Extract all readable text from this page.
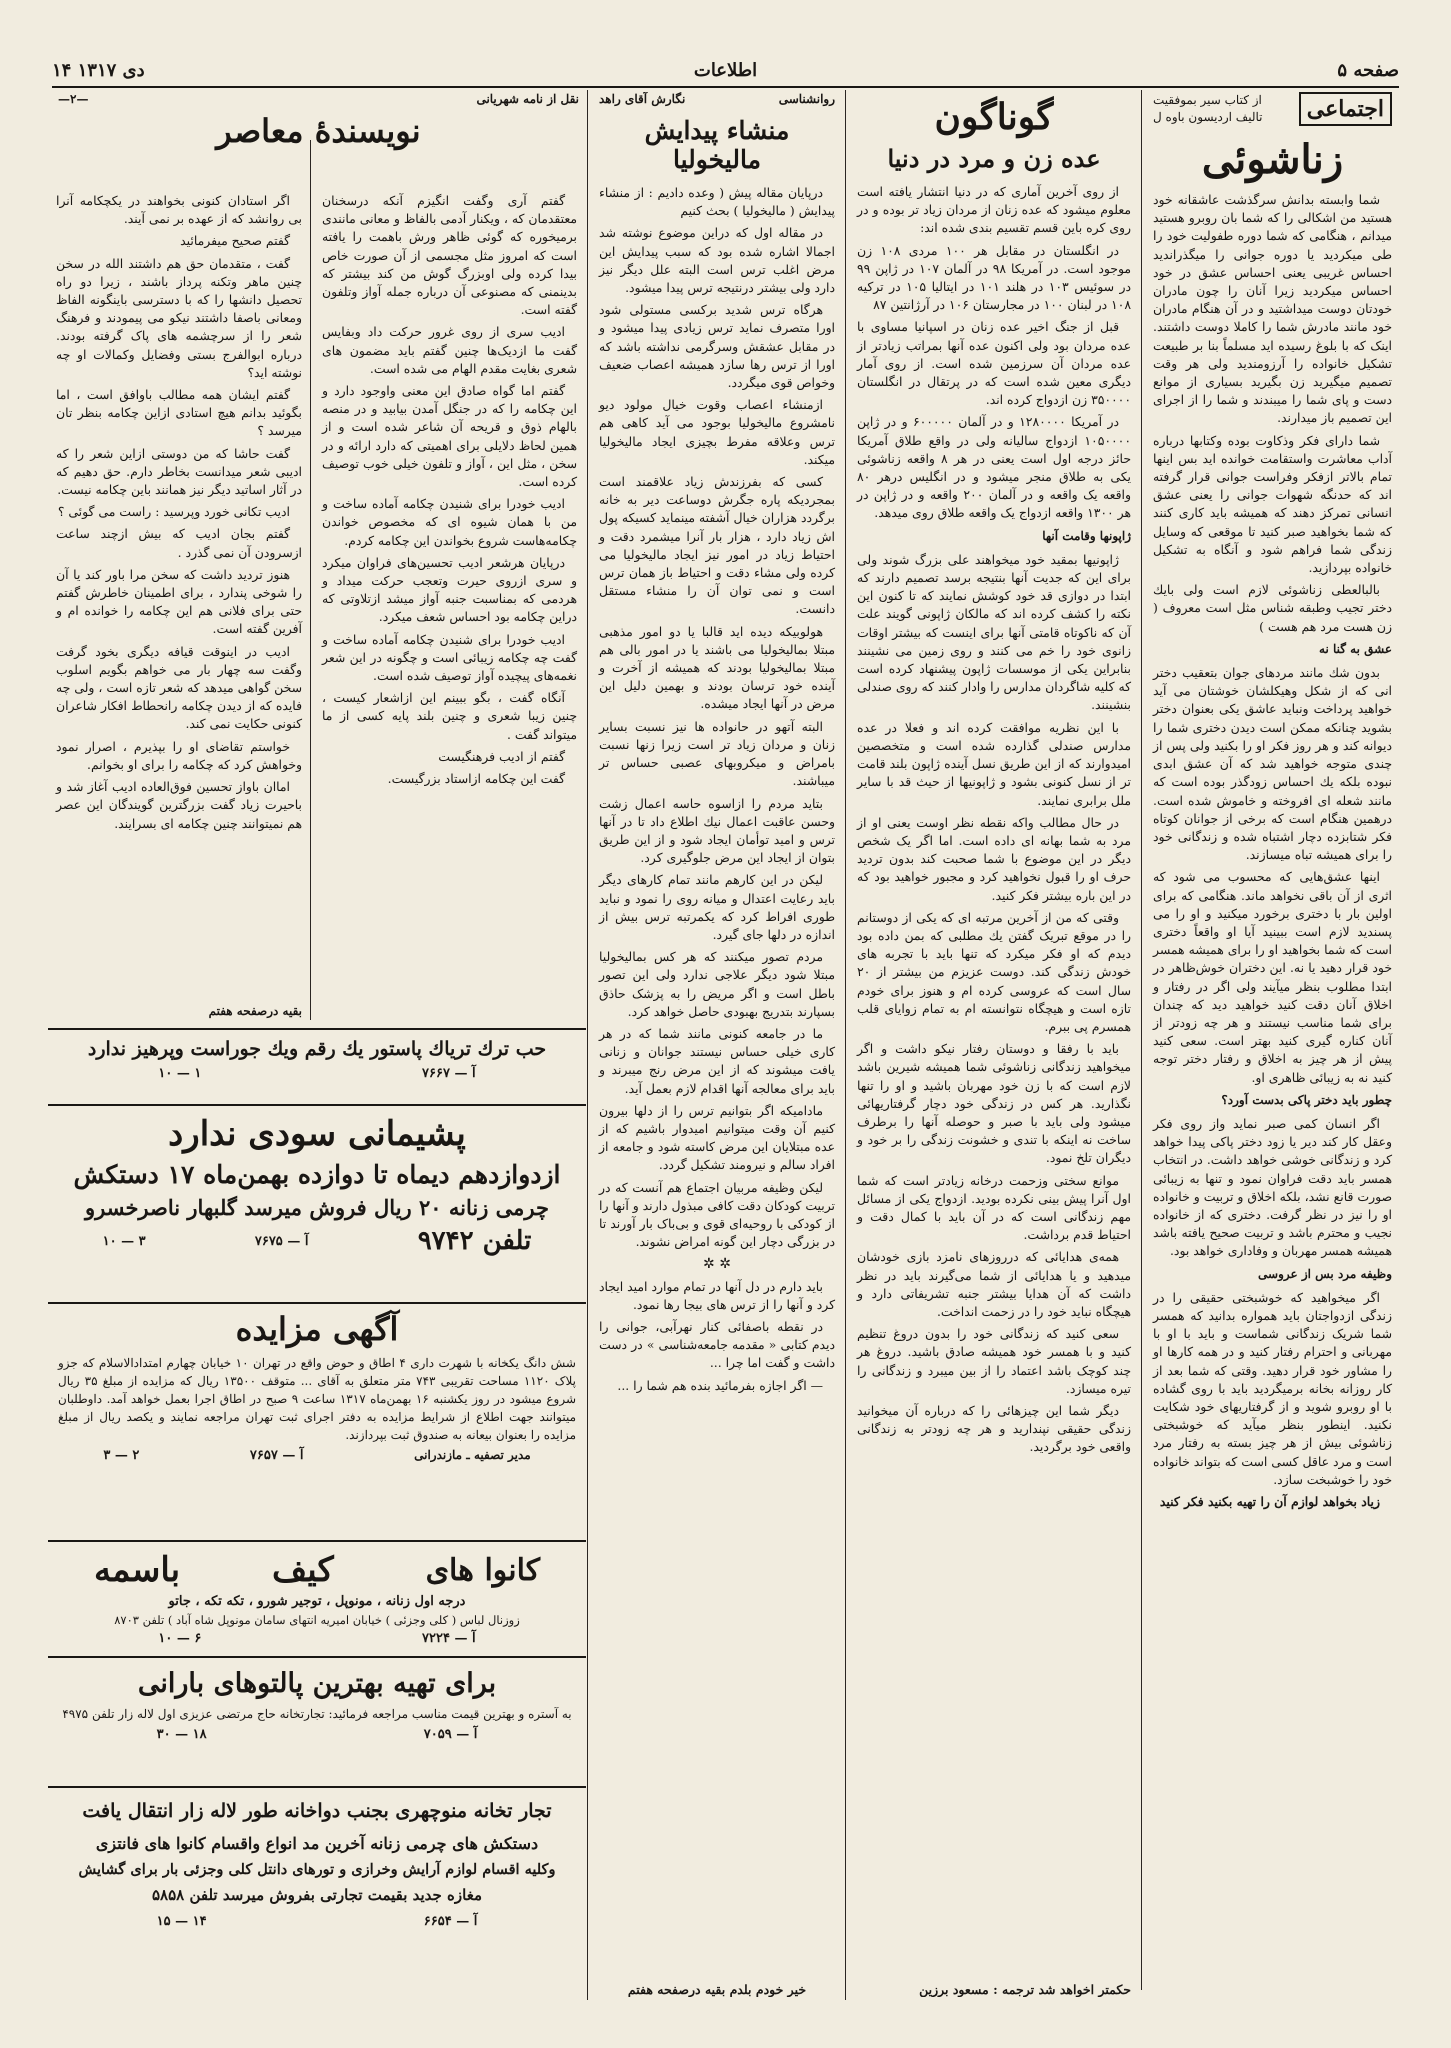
صفحه ۵
اطلاعات
۱۴ دی ۱۳۱۷
اجتماعی
از کتاب سیر بموفقیت
تالیف اردیسون باوه ل
زناشوئی

شما وابسته بدانش سرگذشت عاشقانه خود هستید من اشکالی را که شما بان روبرو هستید میدانم ، هنگامی که شما دوره طفولیت خود را طی میکردید یا دوره جوانی را میگذراندید احساس غریبی یعنی احساس عشق در خود احساس میکردید زیرا آنان را چون مادران خودتان دوست میداشتید و در آن هنگام مادران خود مانند مادرش شما را کاملا دوست داشتند. اینک که با بلوغ رسیده اید مسلماً بنا بر طبیعت تشکیل خانواده را آرزومندید ولی هر وقت تصمیم میگیرید زن بگیرید بسیاری از موانع دست و پای شما را میبندند و شما را از اجرای این تصمیم باز میدارند.

شما دارای فکر وذکاوت بوده وکتابها درباره آداب معاشرت واستقامت خوانده اید بس اینها تمام بالاتر ازفکر وفراست جوانی قرار گرفته اند که حدنگه شهوات جوانی را یعنی عشق انسانی تمرکز دهند که همیشه باید کاری کنند که شما بخواهید صبر کنید تا موقعی که وسایل زندگی شما فراهم شود و آنگاه به تشکیل خانواده بپردازید.

بالبالعطی زناشوئی لازم است ولی بایك دختر تجیب وطبقه شناس مثل است معروف ( زن هست مرد هم هست )

عشق به‌ گنا نه

بدون شك مانند مردهای جوان بتعقیب دختر انی که از شکل وهیکلشان خوشتان می آید خواهید پرداخت ونباید عاشق یکی بعنوان دختر بشوید چنانکه ممکن است دیدن دختری شما را دیوانه کند و هر روز فکر او را بکنید ولی پس از چندی متوجه خواهید شد که آن عشق ابدی نبوده بلکه یك احساس زودگذر بوده است که مانند شعله ای افروخته و خاموش شده است. درهمین هنگام است که برخی از جوانان کوتاه فکر شتابزده دچار اشتباه شده و زندگانی خود را برای همیشه تباه میسازند.

اینها عشق‌هایی که محسوب می شود که اثری از آن باقی نخواهد ماند. هنگامی که برای اولین بار با دختری برخورد میکنید و او را می پسندید لازم است ببینید آیا او واقعاً دختری است که شما بخواهید او را برای همیشه همسر خود قرار دهید یا نه. این دختران خوش‌ظاهر در ابتدا مطلوب بنظر میآیند ولی اگر در رفتار و اخلاق آنان دقت کنید خواهید دید که چندان برای شما مناسب نیستند و هر چه زودتر از آنان کناره گیری کنید بهتر است. سعی کنید پیش از هر چیز به اخلاق و رفتار دختر توجه کنید نه به زیبائی ظاهری او.

چطور باید دختر پاکی بدست آورد؟

اگر انسان کمی صبر نماید واز روی فکر وعقل کار کند دیر یا زود دختر پاکی پیدا خواهد کرد و زندگانی خوشی خواهد داشت. در انتخاب همسر باید دقت فراوان نمود و تنها به زیبائی صورت قانع نشد، بلکه اخلاق و تربیت و خانواده او را نیز در نظر گرفت. دختری که از خانواده نجیب و محترم باشد و تربیت صحیح یافته باشد همیشه همسر مهربان و وفاداری خواهد بود.

وظیفه مرد بس از عروسی

اگر میخواهید که خوشبختی حقیقی را در زندگی ازدواجتان باید همواره بدانید که همسر شما شریک زندگانی شماست و باید با او با مهربانی و احترام رفتار کنید و در همه کارها او را مشاور خود قرار دهید. وقتی که شما بعد از کار روزانه بخانه برمیگردید باید با روی گشاده با او روبرو شوید و از گرفتاریهای خود شکایت نکنید. اینطور بنظر میآید که خوشبختی زناشوئی بیش از هر چیز بسته به رفتار مرد است و مرد عاقل کسی است که بتواند خانواده خود را خوشبخت سازد.

زیاد بخواهد لوازم آن را تهیه بکنید فکر کنید

گوناگون
عده زن و مرد در دنیا

از روی آخرین آماری که در دنیا انتشار یافته است معلوم میشود که عده زنان از مردان زیاد تر بوده و در روی کره باین قسم تقسیم بندی شده اند:

در انگلستان در مقابل هر ۱۰۰ مردی ۱۰۸ زن موجود است. در آمریکا ۹۸ در آلمان ۱۰۷ در ژاپن ۹۹ در سوئیس ۱۰۳ در هلند ۱۰۱ در ایتالیا ۱۰۵ در ترکیه ۱۰۸ در لبنان ۱۰۰ در مجارستان ۱۰۶ در آرژانتین ۸۷

قبل از جنگ اخیر عده زنان در اسپانیا مساوی با عده مردان بود ولی اکنون عده آنها بمراتب زیادتر از عده مردان آن سرزمین شده است. از روی آمار دیگری معین شده است که در پرتقال در انگلستان ۳۵۰۰۰۰ زن ازدواج کرده اند.

در آمریکا ۱۲۸۰۰۰۰ و در آلمان ۶۰۰۰۰۰ و در ژاپن ۱۰۵۰۰۰۰ ازدواج سالیانه ولی در واقع طلاق آمریکا حائز درجه اول است یعنی در هر ۸ واقعه زناشوئی یکی به طلاق منجر میشود و در انگلیس درهر ۸۰ واقعه یک واقعه و در آلمان ۲۰۰ واقعه و در ژاپن در هر ۱۳۰۰ واقعه ازدواج یک واقعه طلاق روی میدهد.

ژاپونها وقامت آنها

ژاپونیها بمقید خود میخواهند علی بزرگ شوند ولی برای این که جدیت آنها بنتیجه برسد تصمیم دارند که ابتدا در دوازی قد خود کوشش نمایند که تا کنون این نکته را کشف کرده اند که مالکان ژاپونی گویند علت آن که ناکوتاه قامتی آنها برای اینست که بیشتر اوقات زانوی خود را خم می کنند و روی زمین می نشینند بنابراین یکی از موسسات ژاپون پیشنهاد کرده است که کلیه شاگردان مدارس را وادار کنند که روی صندلی بنشینند.

با این نظریه موافقت کرده اند و فعلا در عده مدارس صندلی گذارده شده است و متخصصین امیدوارند که از این طریق نسل آینده ژاپون بلند قامت تر از نسل کنونی بشود و ژاپونیها از حیث قد با سایر ملل برابری نمایند.

در حال مطالب واکه نقطه نظر اوست یعنی او از مرد به شما بهانه ای داده است. اما اگر یک شخص دیگر در این موضوع با شما صحبت کند بدون تردید حرف او را قبول نخواهید کرد و مجبور خواهید بود که در این باره بیشتر فکر کنید.

وقتی که من از آخرین مرتبه ای که یکی از دوستانم را در موقع تبریک گفتن یك مطلبی که بمن داده بود دیدم که او فکر میکرد که تنها باید با تجربه های خودش زندگی کند. دوست عزیزم من بیشتر از ۲۰ سال است که عروسی کرده ام و هنوز برای خودم تازه است و هیچگاه نتوانسته ام به تمام زوایای قلب همسرم پی ببرم.

باید با رفقا و دوستان رفتار نیکو داشت و اگر میخواهید زندگانی زناشوئی شما همیشه شیرین باشد لازم است که با زن خود مهربان باشید و او را تنها نگذارید. هر کس در زندگی خود دچار گرفتاریهائی میشود ولی باید با صبر و حوصله آنها را برطرف ساخت نه اینکه با تندی و خشونت زندگی را بر خود و دیگران تلخ نمود.

موانع سختی وزحمت درخانه زیادتر است که شما اول آنرا پیش بینی نکرده بودید. ازدواج یکی از مسائل مهم زندگانی است که در آن باید با کمال دقت و احتیاط قدم برداشت.

همه‌ی هدایائی که درروزهای نامزد بازی خودشان میدهید و یا هدایائی از شما می‌گیرند باید در نظر داشت که آن هدایا بیشتر جنبه تشریفاتی دارد و هیچگاه نباید خود را در زحمت انداخت.

سعی کنید که زندگانی خود را بدون دروغ تنظیم کنید و با همسر خود همیشه صادق باشید. دروغ هر چند کوچک باشد اعتماد را از بین میبرد و زندگانی را تیره میسازد.

دیگر شما این چیزهائی را که درباره آن میخوانید زندگی حقیقی نپندارید و هر چه زودتر به زندگانی واقعی خود برگردید.

حکمتر اخواهد شد ترجمه : مسعود برزین
روانشناسی
نگارش آقای راهد
منشاء پیدایش مالیخولیا

درپایان مقاله پیش ( وعده دادیم : از منشاء پیدایش ( مالیخولیا ) بحث کنیم

در مقاله اول که دراین موضوع نوشته شد اجمالا اشاره شده بود که سبب پیدایش این مرض اغلب ترس است البته علل دیگر نیز دارد ولی بیشتر درنتیجه ترس پیدا میشود.

هرگاه ترس شدید برکسی مستولی شود اورا متصرف نماید ترس زیادی پیدا میشود و در مقابل عشقش وسرگرمی نداشته باشد که اورا از ترس رها سازد همیشه اعصاب ضعیف وخواص قوی میگردد.

ازمنشاء اعصاب وقوت خیال مولود دیو نامشروع مالیخولیا بوجود می آید کاهی هم ترس وعلاقه مفرط بچیزی ایجاد مالیخولیا میکند.

کسی که بفرزندش زیاد علاقمند است بمجردیکه پاره جگرش دوساعت دیر به خانه برگردد هزاران خیال آشفته مینماید کسیکه پول اش زیاد دارد ، هزار بار آنرا میشمرد دقت و احتیاط زیاد در امور نیز ایجاد مالیخولیا می کرده ولی مشاء دقت و احتیاط باز همان ترس است و نمی توان آن را منشاء مستقل دانست.

هولوبیکه دیده اید قالبا یا دو امور مذهبی مبتلا بمالیخولیا می باشند یا در امور بالی هم مبتلا بمالیخولیا بودند که همیشه از آخرت و آینده خود ترسان بودند و بهمین دلیل این مرض در آنها ایجاد میشده.

البته آتهو در حانواده ها نیز نسبت بسایر زنان و مردان زیاد تر است زیرا زنها نسبت بامراض و میکروبهای عصبی حساس تر میباشند.

بتاید مردم را ازاسوه حاسه اعمال زشت وحسن عاقبت اعمال نیك اطلاع داد تا در آنها ترس و امید توأمان ایجاد شود و از این طریق بتوان از ایجاد این مرض جلوگیری کرد.

لیکن در این کارهم مانند تمام کارهای دیگر باید رعایت اعتدال و میانه روی را نمود و نباید طوری افراط کرد که یکمرتبه ترس بیش از اندازه در دلها جای گیرد.

مردم تصور میکنند که هر کس بمالیخولیا مبتلا شود دیگر علاجی ندارد ولی این تصور باطل است و اگر مریض را به پزشک حاذق بسپارند بتدریج بهبودی حاصل خواهد کرد.

ما در جامعه کنونی مانند شما که در هر کاری خیلی حساس نیستند جوانان و زنانی یافت میشوند که از این مرض رنج میبرند و باید برای معالجه آنها اقدام لازم بعمل آید.

مادامیکه اگر بتوانیم ترس را از دلها بیرون کنیم آن وقت میتوانیم امیدوار باشیم که از عده مبتلایان این مرض کاسته شود و جامعه از افراد سالم و نیرومند تشکیل گردد.

لیکن وظیفه مربیان اجتماع هم آنست که در تربیت کودکان دقت کافی مبذول دارند و آنها را از کودکی با روحیه‌ای قوی و بی‌باک بار آورند تا در بزرگی دچار این گونه امراض نشوند.

✲ ✲

باید دارم در دل آنها در تمام موارد امید ایجاد کرد و آنها را از ترس های بیجا رها نمود.

در نقطه باصفائی کنار نهرآبی، جوانی را دیدم کتابی « مقدمه جامعه‌شناسی » در دست داشت و گفت اما چرا ...

— اگر اجازه بفرمائید بنده هم شما را ...

خیر خودم بلدم بقیه درصفحه هفتم
نقل از نامه شهریانی
—۲—
نویسندهٔ معاصر

گفتم آری وگفت انگیزم آنکه درسخنان معتقدمان که ، ویکنار آدمی بالفاظ و معانی مانندی برمیخوره که گوئی ظاهر ورش باهمت را یافته است که امروز مثل مجسمی از آن صورت خاص بیدا کرده ولی اوبزرگ گوش من کند بیشتر که بدینمنی که مصنوعی آن درباره جمله آواز وتلفون گفته است.

ادیب سری از روی غرور حرکت داد وبفایس گفت ما ازدیک‌ها چنین گفتم باید مضمون های شعری بغایت مقدم الهام می شده است.

گفتم اما گواه صادق این معنی واوجود دارد و این چکامه را که در جنگل آمدن بیابید و در منصه بالهام ذوق و قریحه آن شاعر شده است و از همین لحاظ دلایلی برای اهمیتی که دارد ارائه و در سخن ، مثل این ، آواز و تلفون خیلی خوب توصیف کرده است.

ادیب خودرا برای شنیدن چکامه آماده ساخت و من با همان شیوه ای که مخصوص خواندن چکامه‌هاست شروع بخواندن این چکامه کردم.

درپایان هرشعر ادیب تحسین‌های فراوان میکرد و سری ازروی حیرت وتعجب حرکت میداد و هردمی که بمناسبت جنبه آواز میشد ازتلاوتی که دراین چکامه بود احساس شعف میکرد.

ادیب خودرا برای شنیدن چکامه آماده ساخت و گفت چه چکامه زیبائی است و چگونه در این شعر نغمه‌های پیچیده آواز توصیف شده است.

آنگاه گفت ، بگو ببینم این ازاشعار کیست ، چنین زیبا شعری و چنین بلند پایه کسی از ما میتواند گفت .

گفتم از ادیب فرهنگیست

گفت این چکامه ازاستاد بزرگیست.

اگر استادان کنونی بخواهند در یکچکامه آنرا بی روانشد که از عهده بر نمی آیند.

گفتم صحیح میفرمائید

گفت ، متقدمان حق هم داشتند الله در سخن چنین ماهر وتکنه پرداز باشند ، زیرا دو راه تحصیل دانشها را که با دسترسی باینگونه الفاظ ومعانی باصفا داشتند نیکو می پیمودند و فرهنگ شعر را از سرچشمه های پاک گرفته بودند. درباره ابوالفرج بستی وفضایل وکمالات او چه نوشته اید؟

گفتم ایشان همه مطالب باوافق است ، اما بگوئید بدانم هیچ استادی ازاین چکامه بنظر تان میرسد ؟

گفت حاشا که من دوستی ازاین شعر را که ادیبی شعر میدانست بخاطر دارم. حق دهیم که در آثار اساتید دیگر نیز همانند باین چکامه نیست.

ادیب تکانی خورد وپرسید : راست می گوئی ؟

گفتم بجان ادیب که بیش ازچند ساعت ازسرودن آن نمی گذرد .

هنوز تردید داشت که سخن مرا باور کند یا آن را شوخی پندارد ، برای اطمینان خاطرش گفتم حتی برای فلانی هم این چکامه را خوانده ام و آفرین گفته است.

ادیب در اینوقت قیافه دیگری بخود گرفت وگفت سه چهار بار می خواهم بگویم اسلوب سخن گواهی میدهد که شعر تازه است ، ولی چه فایده که از دیدن چکامه رانحطاط افکار شاعران کنونی حکایت نمی کند.

خواستم تقاضای او را بپذیرم ، اصرار نمود وخواهش کرد که چکامه را برای او بخوانم.

اماان باواز تحسین فوق‌العاده ادیب آغاز شد و باحیرت زیاد گفت بزرگترین گویندگان این عصر هم نمیتوانند چنین چکامه ای بسرایند.

بقیه درصفحه هفتم
حب ترك تریاك پاستور یك رقم ویك جوراست وپرهیز ندارد
آ — ۷۶۶۷
۱ — ۱۰
پشیمانی سودی ندارد
ازدوازدهم دیماه تا دوازده بهمن‌ماه ۱۷ دستکش
چرمی زنانه ۲۰ ریال فروش میرسد گلبهار ناصرخسرو
تلفن ۹۷۴۲
آ — ۷۶۷۵
۳ — ۱۰
آگهی مزایده
شش دانگ یکخانه با شهرت داری ۴ اطاق و حوض واقع در تهران ۱۰ خیابان چهارم امتدادالاسلام که جزو پلاک ۱۱۲۰ مساحت تقریبی ۷۴۳ متر متعلق به آقای ... متوقف ۱۳۵۰۰ ریال که مزایده از مبلغ ۳۵ ریال شروع میشود در روز یکشنبه ۱۶ بهمن‌ماه ۱۳۱۷ ساعت ۹ صبح در اطاق اجرا بعمل خواهد آمد. داوطلبان میتوانند جهت اطلاع از شرایط مزایده به دفتر اجرای ثبت تهران مراجعه نمایند و یکصد ریال از مبلغ مزایده را بعنوان بیعانه به صندوق ثبت بپردازند.
مدیر تصفیه ـ مازندرانی
آ — ۷۶۵۷
۲ — ۳
کانوا های
کیف
باسمه
درجه اول زنانه ، مونوپل ، توجیر شورو ، تکه تکه ، جاتو
زوزنال لباس ( کلی وجزئی ) خیابان امیریه انتهای سامان مونوپل شاه آباد ) تلفن ۸۷۰۳
آ — ۷۲۲۴
۶ — ۱۰
برای تهیه بهترین پالتوهای بارانی
به آستره و بهترین قیمت مناسب مراجعه فرمائید: تجارتخانه حاج مرتضی عزیزی اول لاله زار تلفن ۴۹۷۵
آ — ۷۰۵۹
۱۸ — ۳۰
تجار تخانه منوچهری بجنب دواخانه طور لاله زار انتقال یافت
دستکش های چرمی زنانه آخرین مد انواع واقسام کانوا های فانتزی
وکلیه اقسام لوازم آرایش وخرازی و تورهای دانتل کلی وجزئی بار برای گشایش
مغازه جدید بقیمت تجارتی بفروش میرسد تلفن ۵۸۵۸
آ — ۶۶۵۴
۱۴ — ۱۵
